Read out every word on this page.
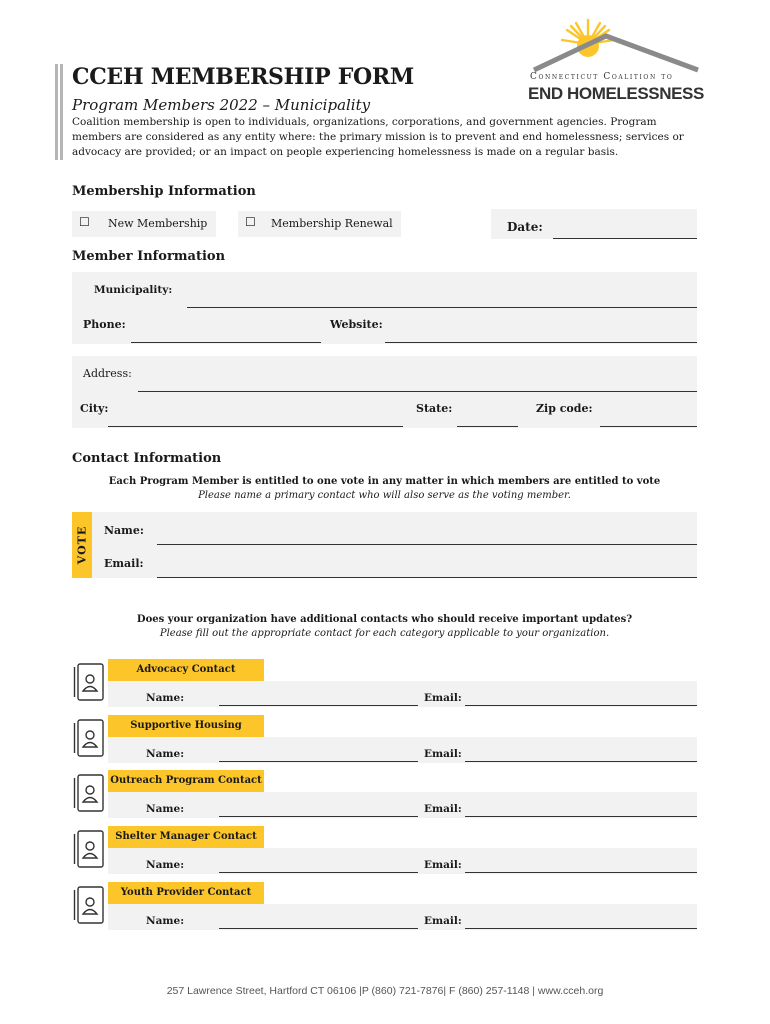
CCEH MEMBERSHIP FORM
Program Members 2022 – Municipality
Coalition membership is open to individuals, organizations, corporations, and government agencies. Program
members are considered as any entity where: the primary mission is to prevent and end homelessness; services or
advocacy are provided; or an impact on people experiencing homelessness is made on a regular basis.
Connecticut Coalition to
END HOMELESSNESS
Membership Information
☐ New Membership	☐ Membership Renewal	Date:
Member Information
Municipality:
Phone:	Website:
Address:
City:	State:	Zip code:
Contact Information
Each Program Member is entitled to one vote in any matter in which members are entitled to vote
Please name a primary contact who will also serve as the voting member.
VOTE Name:
Email:
Does your organization have additional contacts who should receive important updates?
Please fill out the appropriate contact for each category applicable to your organization.
Advocacy Contact
Name:	Email:
Supportive Housing
Name:	Email:
Outreach Program Contact
Name:	Email:
Shelter Manager Contact
Name:	Email:
Youth Provider Contact
Name:	Email:
257 Lawrence Street, Hartford CT 06106 |P (860) 721-7876| F (860) 257-1148 | www.cceh.org
